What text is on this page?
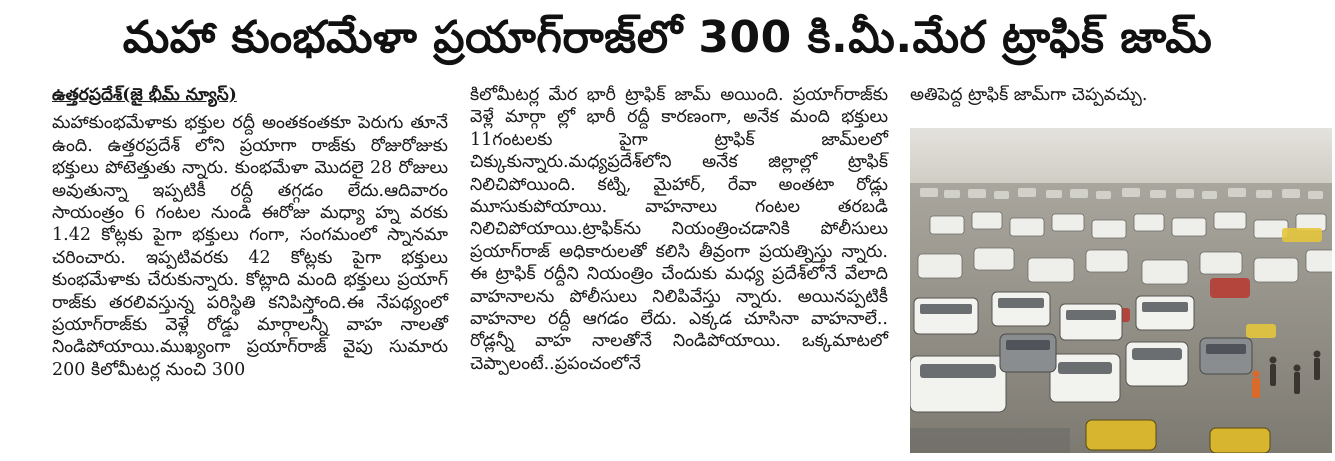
మహా కుంభమేళా ప్రయాగ్‌రాజ్‌లో 300 కి.మీ.మేర ట్రాఫిక్ జామ్
ఉత్తరప్రదేశ్(జై భీమ్ న్యూస్)

మహాకుంభమేళాకు భక్తుల రద్దీ అంతకంతకూ పెరుగు తూనే ఉంది. ఉత్తరప్రదేశ్ లోని ప్రయాగా రాజ్‌కు రోజురోజుకు భక్తులు పోటెత్తుతు న్నారు. కుంభమేళా మొదలై 28 రోజులు అవుతున్నా ఇప్పటికీ రద్దీ తగ్గడం లేదు.ఆదివారం సాయంత్రం 6 గంటల నుండి ఈరోజు మధ్యా హ్న వరకు 1.42 కోట్లకు పైగా భక్తులు గంగా, సంగమంలో స్నానమా చరించారు. ఇప్పటివరకు 42 కోట్లకు పైగా భక్తులు కుంభమేళాకు చేరుకున్నారు. కోట్లాది మంది భక్తులు ప్రయాగ్ రాజ్‌కు తరలివస్తున్న పరిస్థితి కనిపిస్తోంది.ఈ నేపథ్యంలో ప్రయాగ్‌రాజ్‌కు వెళ్లే రోడ్డు మార్గాలన్నీ వాహ నాలతో నిండిపోయాయి.ముఖ్యంగా ప్రయాగ్‌రాజ్ వైపు సుమారు 200 కిలోమీటర్ల నుంచి 300

కిలోమీటర్ల మేర భారీ ట్రాఫిక్ జామ్ అయింది. ప్రయాగ్‌రాజ్‌కు వెళ్లే మార్గా ల్లో భారీ రద్దీ కారణంగా, అనేక మంది భక్తులు 11గంటలకు పైగా ట్రాఫిక్ జామ్‌లలో చిక్కుకున్నారు.మధ్యప్రదేశ్‌లోని అనేక జిల్లాల్లో ట్రాఫిక్ నిలిచిపోయింది. కట్ని, మైహార్, రేవా అంతటా రోడ్లు మూసుకుపోయాయి. వాహనాలు గంటల తరబడి నిలిచిపోయాయి.ట్రాఫిక్‌ను నియంత్రించడానికి పోలీసులు ప్రయాగ్‌రాజ్ అధికారులతో కలిసి తీవ్రంగా ప్రయత్నిస్తు న్నారు. ఈ ట్రాఫిక్ రద్దీని నియంత్రిం చేందుకు మధ్య ప్రదేశ్‌లోనే వేలాది వాహనాలను పోలీసులు నిలిపివేస్తు న్నారు. అయినప్పటికీ వాహనాల రద్దీ ఆగడం లేదు. ఎక్కడ చూసినా వాహనాలే.. రోడ్లన్నీ వాహ నాలతోనే నిండిపోయాయి. ఒక్కమాటలో చెప్పాలంటే..ప్రపంచంలోనే

అతిపెద్ద ట్రాఫిక్ జామ్‌గా చెప్పవచ్చు.
